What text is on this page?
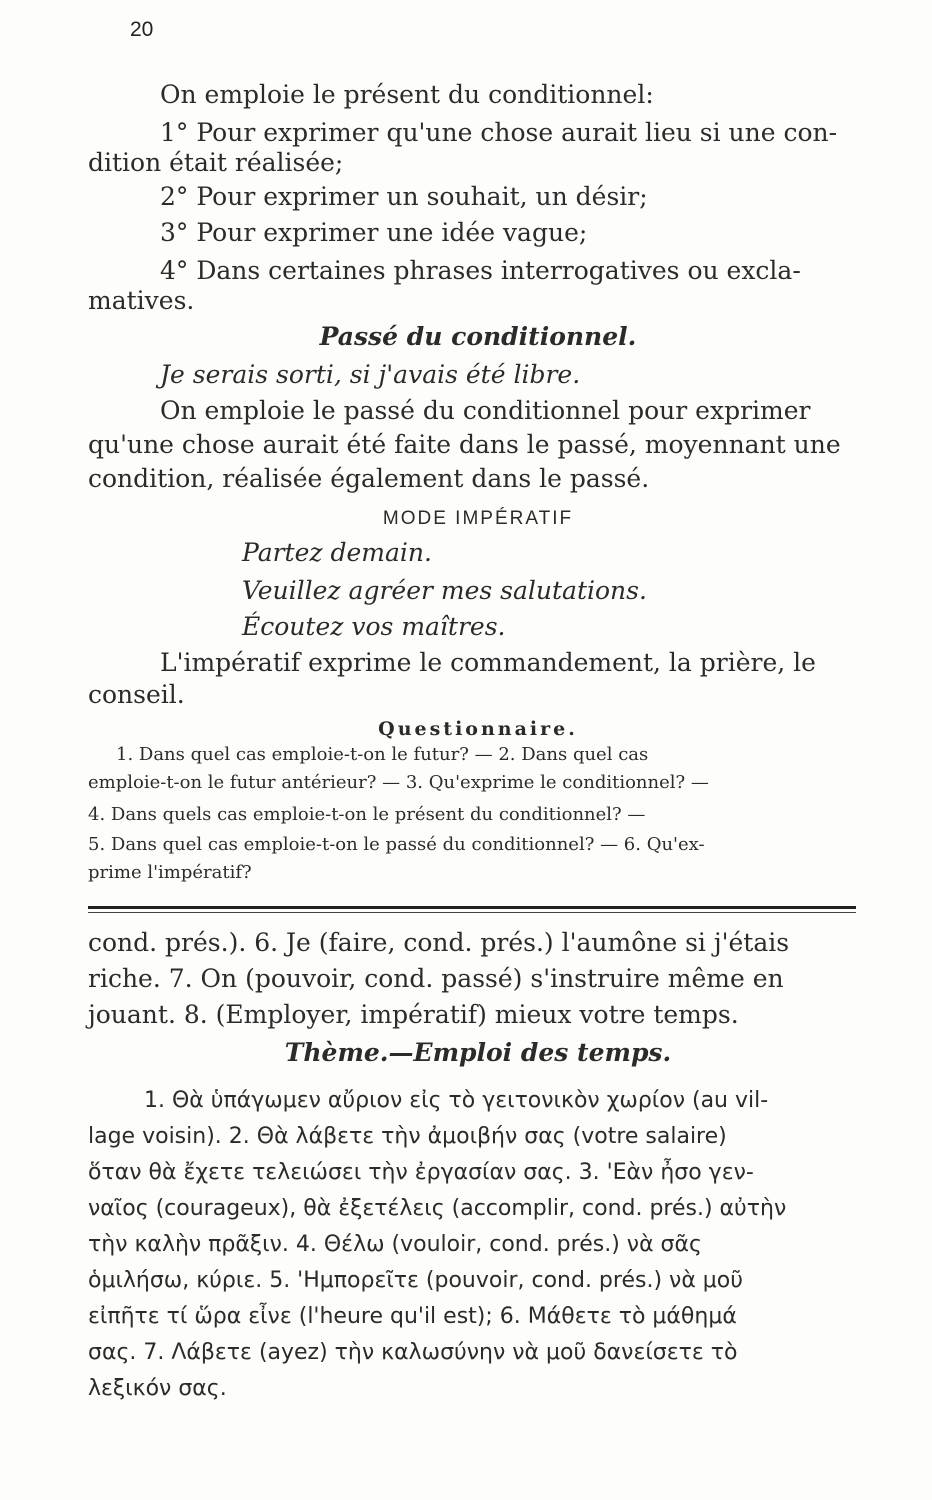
20
On emploie le présent du conditionnel:
1° Pour exprimer qu'une chose aurait lieu si une con-
dition était réalisée;
2° Pour exprimer un souhait, un désir;
3° Pour exprimer une idée vague;
4° Dans certaines phrases interrogatives ou excla-
matives.
Passé du conditionnel.
Je serais sorti, si j'avais été libre.
On emploie le passé du conditionnel pour exprimer
qu'une chose aurait été faite dans le passé, moyennant une
condition, réalisée également dans le passé.
MODE IMPÉRATIF
Partez demain.
Veuillez agréer mes salutations.
Écoutez vos maîtres.
L'impératif exprime le commandement, la prière, le
conseil.
Questionnaire.
1. Dans quel cas emploie-t-on le futur? — 2. Dans quel cas
emploie-t-on le futur antérieur? — 3. Qu'exprime le conditionnel? —
4. Dans quels cas emploie-t-on le présent du conditionnel? —
5. Dans quel cas emploie-t-on le passé du conditionnel? — 6. Qu'ex-
prime l'impératif?
cond. prés.). 6. Je (faire, cond. prés.) l'aumône si j'étais
riche. 7. On (pouvoir, cond. passé) s'instruire même en
jouant. 8. (Employer, impératif) mieux votre temps.
Thème.—Emploi des temps.
1. Θὰ ὑπάγωμεν αὔριον εἰς τὸ γειτονικὸν χωρίον (au vil-
lage voisin). 2. Θὰ λάβετε τὴν ἀμοιβήν σας (votre salaire)
ὅταν θὰ ἔχετε τελειώσει τὴν ἐργασίαν σας. 3. 'Εὰν ἦσο γεν-
ναῖος (courageux), θὰ ἐξετέλεις (accomplir, cond. prés.) αὐτὴν
τὴν καλὴν πρᾶξιν. 4. Θέλω (vouloir, cond. prés.) νὰ σᾶς
ὁμιλήσω, κύριε. 5. 'Ημπορεῖτε (pouvoir, cond. prés.) νὰ μοῦ
εἰπῆτε τί ὥρα εἶνε (l'heure qu'il est); 6. Μάθετε τὸ μάθημά
σας. 7. Λάβετε (ayez) τὴν καλωσύνην νὰ μοῦ δανείσετε τὸ
λεξικόν σας.
